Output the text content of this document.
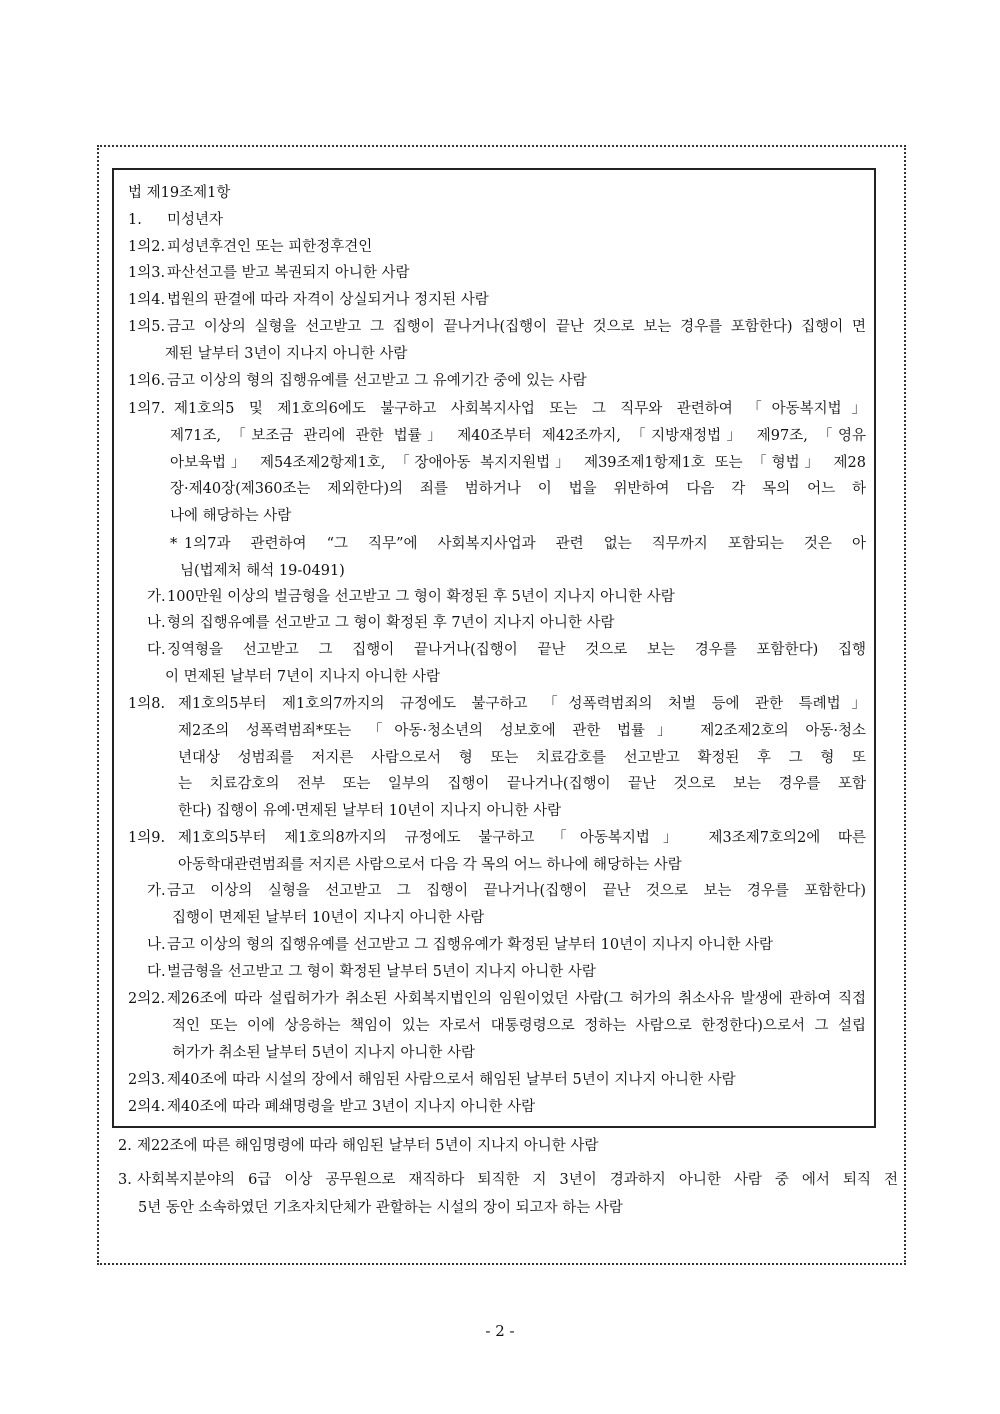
법 제19조제1항
1. 미성년자
1의2. 피성년후견인 또는 피한정후견인
1의3. 파산선고를 받고 복권되지 아니한 사람
1의4. 법원의 판결에 따라 자격이 상실되거나 정지된 사람
1의5. 금고 이상의 실형을 선고받고 그 집행이 끝나거나(집행이 끝난 것으로 보는 경우를 포함한다) 집행이 면
제된 날부터 3년이 지나지 아니한 사람
1의6. 금고 이상의 형의 집행유예를 선고받고 그 유예기간 중에 있는 사람
1의7. 제1호의5 및 제1호의6에도 불구하고 사회복지사업 또는 그 직무와 관련하여 「아동복지법」
제71조, 「보조금 관리에 관한 법률」 제40조부터 제42조까지, 「지방재정법」 제97조, 「영유
아보육법」 제54조제2항제1호, 「장애아동 복지지원법」 제39조제1항제1호 또는 「형법」 제28
장·제40장(제360조는 제외한다)의 죄를 범하거나 이 법을 위반하여 다음 각 목의 어느 하
나에 해당하는 사람
* 1의7과 관련하여 “그 직무”에 사회복지사업과 관련 없는 직무까지 포함되는 것은 아
님(법제처 해석 19-0491)
가. 100만원 이상의 벌금형을 선고받고 그 형이 확정된 후 5년이 지나지 아니한 사람
나. 형의 집행유예를 선고받고 그 형이 확정된 후 7년이 지나지 아니한 사람
다. 징역형을 선고받고 그 집행이 끝나거나(집행이 끝난 것으로 보는 경우를 포함한다) 집행
이 면제된 날부터 7년이 지나지 아니한 사람
1의8. 제1호의5부터 제1호의7까지의 규정에도 불구하고 「성폭력범죄의 처벌 등에 관한 특례법」
제2조의 성폭력범죄*또는 「아동·청소년의 성보호에 관한 법률」 제2조제2호의 아동·청소
년대상 성범죄를 저지른 사람으로서 형 또는 치료감호를 선고받고 확정된 후 그 형 또
는 치료감호의 전부 또는 일부의 집행이 끝나거나(집행이 끝난 것으로 보는 경우를 포함
한다) 집행이 유예·면제된 날부터 10년이 지나지 아니한 사람
1의9. 제1호의5부터 제1호의8까지의 규정에도 불구하고 「아동복지법」 제3조제7호의2에 따른
아동학대관련범죄를 저지른 사람으로서 다음 각 목의 어느 하나에 해당하는 사람
가. 금고 이상의 실형을 선고받고 그 집행이 끝나거나(집행이 끝난 것으로 보는 경우를 포함한다)
집행이 면제된 날부터 10년이 지나지 아니한 사람
나. 금고 이상의 형의 집행유예를 선고받고 그 집행유예가 확정된 날부터 10년이 지나지 아니한 사람
다. 벌금형을 선고받고 그 형이 확정된 날부터 5년이 지나지 아니한 사람
2의2. 제26조에 따라 설립허가가 취소된 사회복지법인의 임원이었던 사람(그 허가의 취소사유 발생에 관하여 직접
적인 또는 이에 상응하는 책임이 있는 자로서 대통령령으로 정하는 사람으로 한정한다)으로서 그 설립
허가가 취소된 날부터 5년이 지나지 아니한 사람
2의3. 제40조에 따라 시설의 장에서 해임된 사람으로서 해임된 날부터 5년이 지나지 아니한 사람
2의4. 제40조에 따라 폐쇄명령을 받고 3년이 지나지 아니한 사람
2. 제22조에 따른 해임명령에 따라 해임된 날부터 5년이 지나지 아니한 사람
3. 사회복지분야의 6급 이상 공무원으로 재직하다 퇴직한 지 3년이 경과하지 아니한 사람 중 에서 퇴직 전
5년 동안 소속하였던 기초자치단체가 관할하는 시설의 장이 되고자 하는 사람
- 2 -
